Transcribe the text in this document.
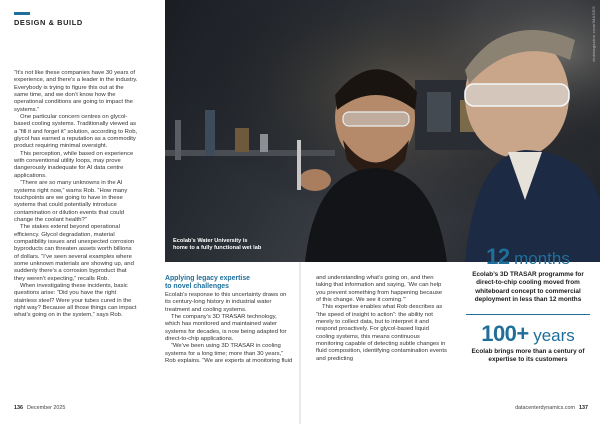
DESIGN & BUILD

“It’s not like these companies have 30 years of experience, and there’s a leader in the industry. Everybody is trying to figure this out at the same time, and we don’t know how the operational conditions are going to impact the systems.”

One particular concern centres on glycol-based cooling systems. Traditionally viewed as a “fill it and forget it” solution, according to Rob, glycol has earned a reputation as a commodity product requiring minimal oversight.

This perception, while based on experience with conventional utility loops, may prove dangerously inadequate for AI data centre applications.

“There are so many unknowns in the AI systems right now,” warns Rob. “How many touchpoints are we going to have in these systems that could potentially introduce contamination or dilution events that could change the coolant health?”

The stakes extend beyond operational efficiency. Glycol degradation, material compatibility issues and unexpected corrosion byproducts can threaten assets worth billions of dollars. “I’ve seen several examples where some unknown materials are showing up, and suddenly there’s a corrosion byproduct that they weren’t expecting,” recalls Rob.

When investigating these incidents, basic questions arise: “Did you have the right stainless steel? Were your tubes cured in the right way? Because all those things can impact what’s going on in the system,” says Rob.

Ecolab's Water University is
home to a fully functional wet lab
dcdmagazine.com/IMAGES
Applying legacy expertise
to novel challenges

Ecolab’s response to this uncertainty draws on its century-long history in industrial water treatment and cooling systems.

The company’s 3D TRASAR technology, which has monitored and maintained water systems for decades, is now being adapted for direct-to-chip applications.

“We’ve been using 3D TRASAR in cooling systems for a long time; more than 30 years,” Rob explains. “We are experts at monitoring fluid

and understanding what’s going on, and then taking that information and saying, ‘We can help you prevent something from happening because of this change. We see it coming.’”

This expertise enables what Rob describes as “the speed of insight to action”: the ability not merely to collect data, but to interpret it and respond proactively. For glycol-based liquid cooling systems, this means continuous monitoring capable of detecting subtle changes in fluid composition, identifying contamination events and predicting

12 months
Ecolab’s 3D TRASAR programme for direct-to-chip cooling moved from whiteboard concept to commercial deployment in less than 12 months
100+ years
Ecolab brings more than a century of expertise to its customers
136 December 2025	datacenterdynamics.com 137
